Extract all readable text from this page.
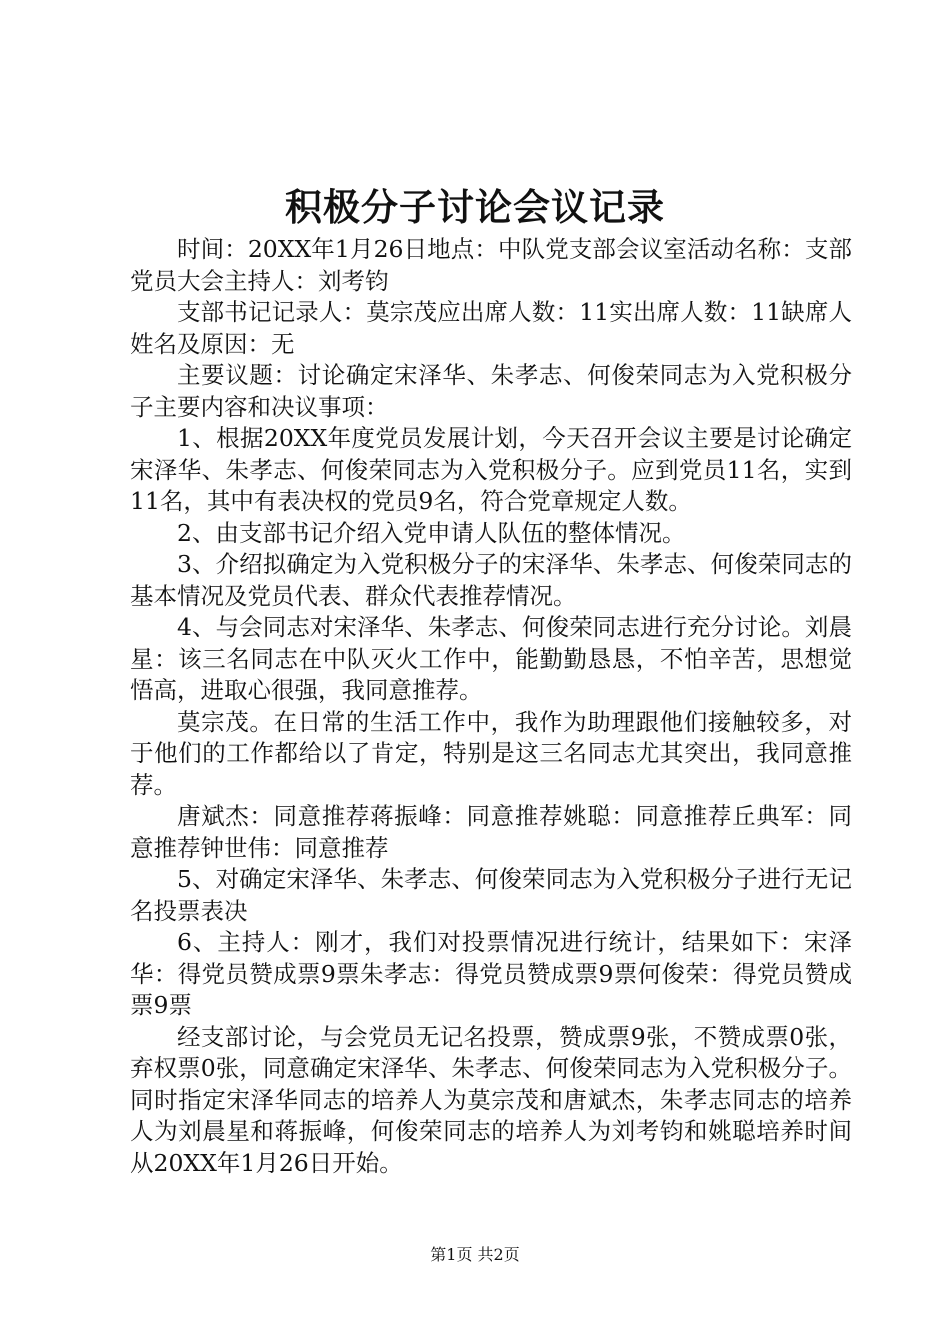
积极分子讨论会议记录

时间：20XX年1月26日地点：中队党支部会议室活动名称：支部党员大会主持人：刘考钧

支部书记记录人：莫宗茂应出席人数：11实出席人数：11缺席人姓名及原因：无

主要议题：讨论确定宋泽华、朱孝志、何俊荣同志为入党积极分子主要内容和决议事项：

1、根据20XX年度党员发展计划，今天召开会议主要是讨论确定宋泽华、朱孝志、何俊荣同志为入党积极分子。应到党员11名，实到11名，其中有表决权的党员9名，符合党章规定人数。

2、由支部书记介绍入党申请人队伍的整体情况。

3、介绍拟确定为入党积极分子的宋泽华、朱孝志、何俊荣同志的基本情况及党员代表、群众代表推荐情况。

4、与会同志对宋泽华、朱孝志、何俊荣同志进行充分讨论。刘晨星：该三名同志在中队灭火工作中，能勤勤恳恳，不怕辛苦，思想觉悟高，进取心很强，我同意推荐。

莫宗茂。在日常的生活工作中，我作为助理跟他们接触较多，对于他们的工作都给以了肯定，特别是这三名同志尤其突出，我同意推荐。

唐斌杰：同意推荐蒋振峰：同意推荐姚聪：同意推荐丘典军：同意推荐钟世伟：同意推荐

5、对确定宋泽华、朱孝志、何俊荣同志为入党积极分子进行无记名投票表决

6、主持人：刚才，我们对投票情况进行统计，结果如下：宋泽华：得党员赞成票9票朱孝志：得党员赞成票9票何俊荣：得党员赞成票9票

经支部讨论，与会党员无记名投票，赞成票9张，不赞成票0张，弃权票0张，同意确定宋泽华、朱孝志、何俊荣同志为入党积极分子。同时指定宋泽华同志的培养人为莫宗茂和唐斌杰，朱孝志同志的培养人为刘晨星和蒋振峰，何俊荣同志的培养人为刘考钧和姚聪培养时间从20XX年1月26日开始。

第1页 共2页
